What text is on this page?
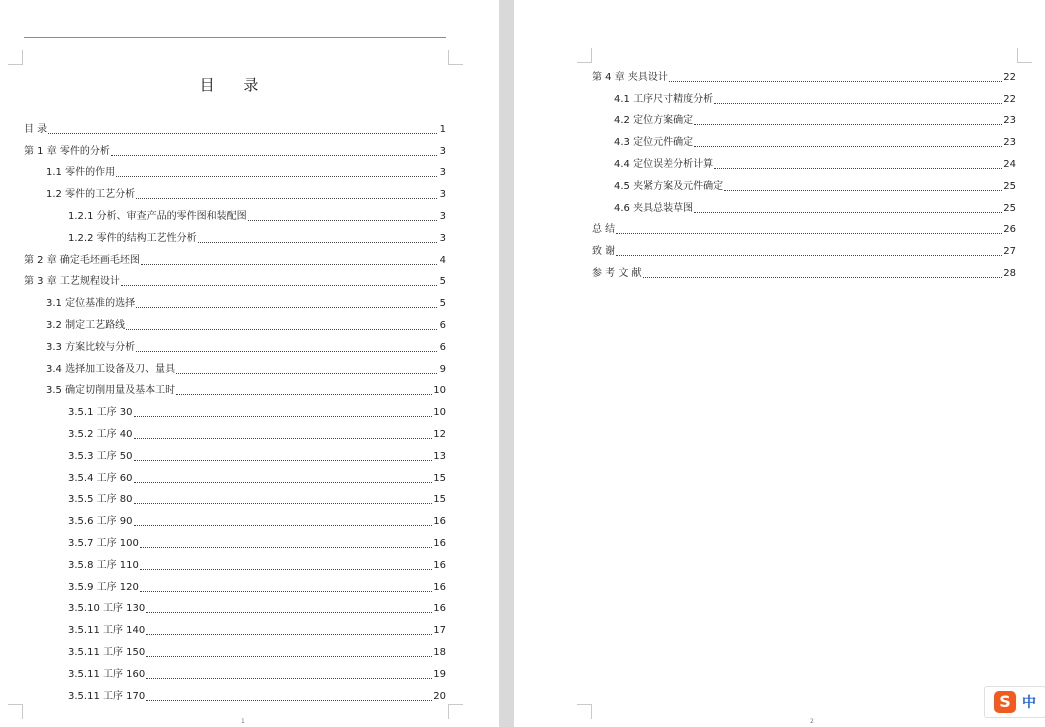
目 录
目 录	1
第 1 章 零件的分析	3
1.1 零件的作用	3
1.2 零件的工艺分析	3
1.2.1 分析、审查产品的零件图和装配图	3
1.2.2 零件的结构工艺性分析	3
第 2 章 确定毛坯画毛坯图	4
第 3 章 工艺规程设计	5
3.1 定位基准的选择	5
3.2 制定工艺路线	6
3.3 方案比较与分析	6
3.4 选择加工设备及刀、量具	9
3.5 确定切削用量及基本工时	10
3.5.1 工序 30	10
3.5.2 工序 40	12
3.5.3 工序 50	13
3.5.4 工序 60	15
3.5.5 工序 80	15
3.5.6 工序 90	16
3.5.7 工序 100	16
3.5.8 工序 110	16
3.5.9 工序 120	16
3.5.10 工序 130	16
3.5.11 工序 140	17
3.5.11 工序 150	18
3.5.11 工序 160	19
3.5.11 工序 170	20
1
第 4 章 夹具设计	22
4.1 工序尺寸精度分析	22
4.2 定位方案确定	23
4.3 定位元件确定	23
4.4 定位误差分析计算	24
4.5 夹紧方案及元件确定	25
4.6 夹具总装草图	25
总 结	26
致 谢	27
参 考 文 献	28
2
S 中
